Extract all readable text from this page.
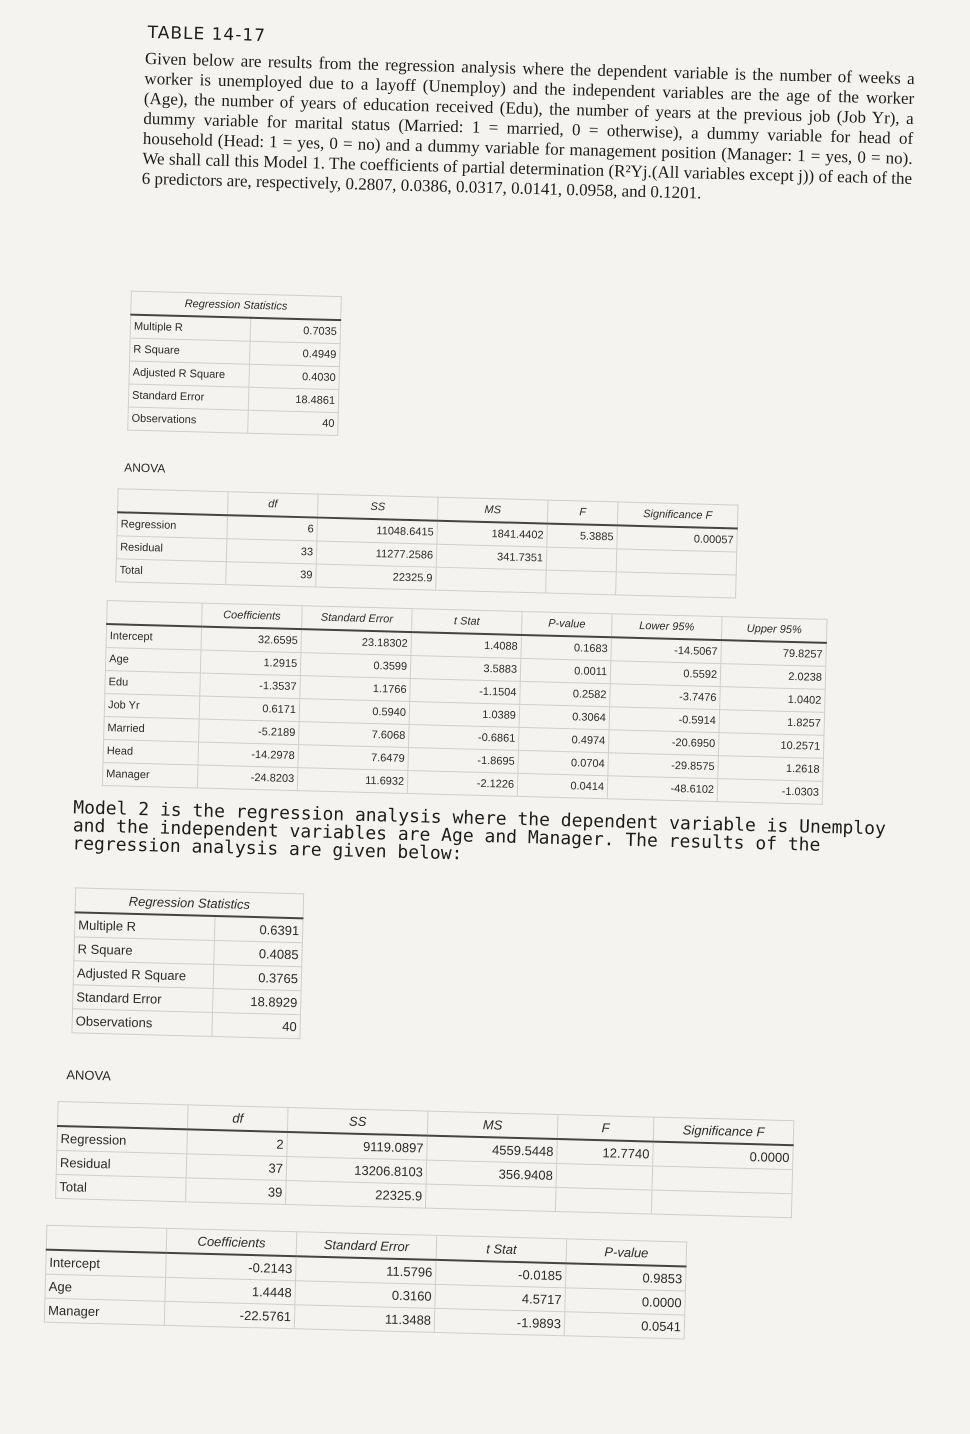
TABLE 14-17

Given below are results from the regression analysis where the dependent variable is the number of weeks a worker is unemployed due to a layoff (Unemploy) and the independent variables are the age of the worker (Age), the number of years of education received (Edu), the number of years at the previous job (Job Yr), a dummy variable for marital status (Married: 1 = married, 0 = otherwise), a dummy variable for head of household (Head: 1 = yes, 0 = no) and a dummy variable for management position (Manager: 1 = yes, 0 = no). We shall call this Model 1. The coefficients of partial determination (R²Yj.(All variables except j)) of each of the 6 predictors are, respectively, 0.2807, 0.0386, 0.0317, 0.0141, 0.0958, and 0.1201.

Regression Statistics	
Multiple R	0.7035
R Square	0.4949
Adjusted R Square	0.4030
Standard Error	18.4861
Observations	40
ANOVA
	df	SS	MS	F	Significance F
Regression	6	11048.6415	1841.4402	5.3885	0.00057
Residual	33	11277.2586	341.7351		
Total	39	22325.9			
	Coefficients	Standard Error	t Stat	P-value	Lower 95%	Upper 95%
Intercept	32.6595	23.18302	1.4088	0.1683	-14.5067	79.8257
Age	1.2915	0.3599	3.5883	0.0011	0.5592	2.0238
Edu	-1.3537	1.1766	-1.1504	0.2582	-3.7476	1.0402
Job Yr	0.6171	0.5940	1.0389	0.3064	-0.5914	1.8257
Married	-5.2189	7.6068	-0.6861	0.4974	-20.6950	10.2571
Head	-14.2978	7.6479	-1.8695	0.0704	-29.8575	1.2618
Manager	-24.8203	11.6932	-2.1226	0.0414	-48.6102	-1.0303
Model 2 is the regression analysis where the dependent variable is Unemploy and the independent variables are Age and Manager. The results of the regression analysis are given below:
Regression Statistics	
Multiple R	0.6391
R Square	0.4085
Adjusted R Square	0.3765
Standard Error	18.8929
Observations	40
ANOVA
	df	SS	MS	F	Significance F
Regression	2	9119.0897	4559.5448	12.7740	0.0000
Residual	37	13206.8103	356.9408		
Total	39	22325.9			
	Coefficients	Standard Error	t Stat	P-value
Intercept	-0.2143	11.5796	-0.0185	0.9853
Age	1.4448	0.3160	4.5717	0.0000
Manager	-22.5761	11.3488	-1.9893	0.0541
